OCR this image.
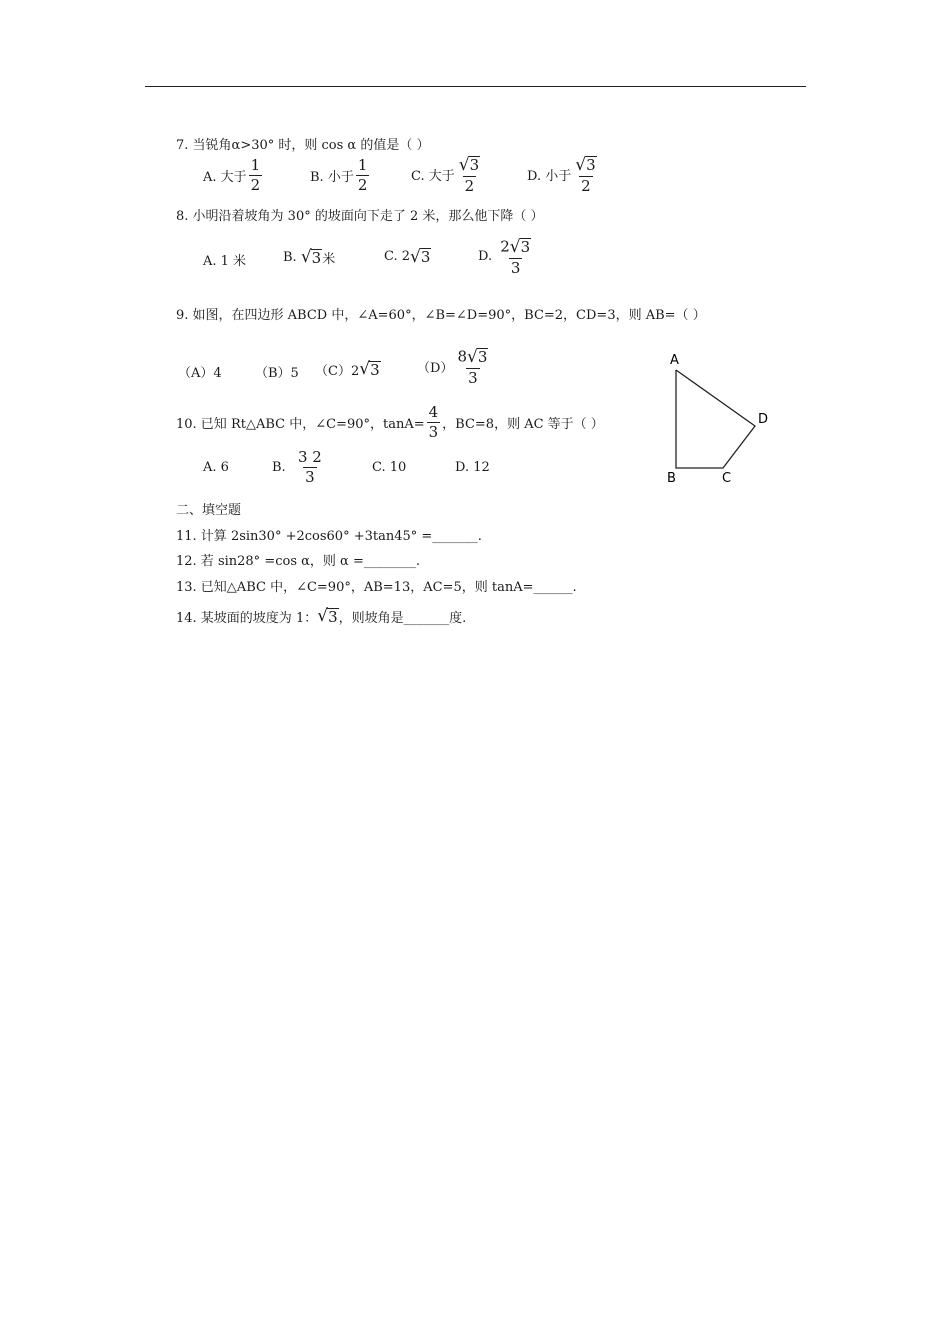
7. 当锐角α>30° 时，则 cos α 的值是（ ）
A. 大于 $\frac{1}{2}$	B. 小于 $\frac{1}{2}$	C. 大于 $\frac{√ 3}{2}$	D. 小于 $\frac{√ 3}{2}$
8. 小明沿着坡角为 30° 的坡面向下走了 2 米，那么他下降（ ）
A. 1 米	B.
√ 3 米	C. 2 √ 3	D.
$\frac{2 √ 3}{3}$
9. 如图，在四边形 ABCD 中，∠A=60°，∠B=∠D=90°，BC=2，CD=3，则 AB=（ ）
（A）4	（B）5 （C）2 √ 3	$(D) \frac{8 √ 3}{3}$
10. 已知 Rt△ABC 中，∠C=90°，$\tan A= \frac{4}{3}$ ，BC=8，则 AC 等于（ ）
A. 6	B.
$\frac{3 2}{3}$	C. 10	D. 12
二、填空题
11. 计算 2sin30° +2cos60° +3tan45° =_______.
12. 若 sin28° =cos α，则 α =________.
13. 已知△ABC 中，∠C=90°，AB=13，AC=5，则 tanA=______.
14. 某坡面的坡度为 1： √ 3 ，则坡角是_______度.
A
B	C
D
